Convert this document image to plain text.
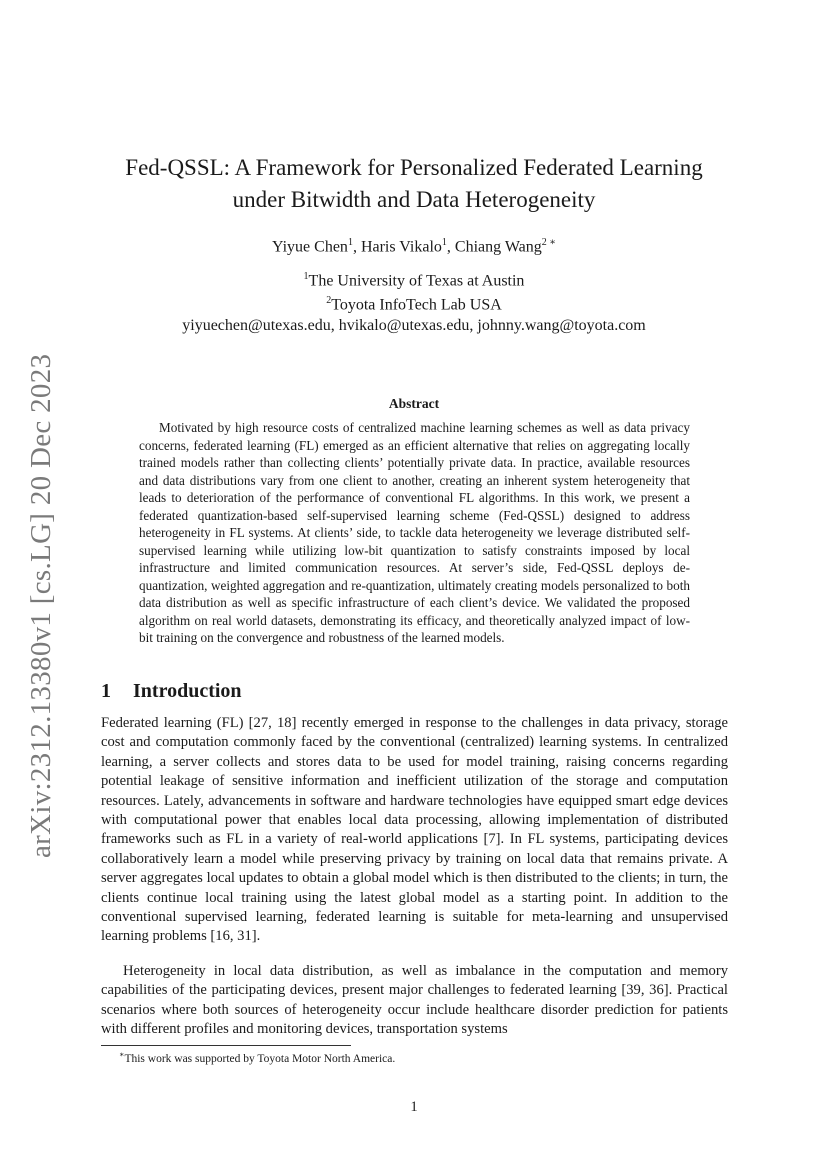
arXiv:2312.13380v1 [cs.LG] 20 Dec 2023
Fed-QSSL: A Framework for Personalized Federated Learning
under Bitwidth and Data Heterogeneity
Yiyue Chen$^1$, Haris Vikalo$^1$, Chiang Wang$^2$ ∗
$^1$The University of Texas at Austin
$^2$Toyota InfoTech Lab USA
yiyuechen@utexas.edu, hvikalo@utexas.edu, johnny.wang@toyota.com
Abstract

Motivated by high resource costs of centralized machine learning schemes as well as data privacy concerns, federated learning (FL) emerged as an efficient alternative that relies on aggregating locally trained models rather than collecting clients’ potentially private data. In practice, available resources and data distributions vary from one client to another, creating an inherent system heterogeneity that leads to deterioration of the performance of conventional FL algorithms. In this work, we present a federated quantization-based self-supervised learning scheme (Fed-QSSL) designed to address heterogeneity in FL systems. At clients’ side, to tackle data heterogeneity we leverage distributed self-supervised learning while utilizing low-bit quantization to satisfy constraints imposed by local infrastructure and limited communication resources. At server’s side, Fed-QSSL deploys de-quantization, weighted aggregation and re-quantization, ultimately creating models personalized to both data distribution as well as specific infrastructure of each client’s device. We validated the proposed algorithm on real world datasets, demonstrating its efficacy, and theoretically analyzed impact of low-bit training on the convergence and robustness of the learned models.

1 Introduction

Federated learning (FL) [27, 18] recently emerged in response to the challenges in data privacy, storage cost and computation commonly faced by the conventional (centralized) learning systems. In centralized learning, a server collects and stores data to be used for model training, raising concerns regarding potential leakage of sensitive information and inefficient utilization of the storage and computation resources. Lately, advancements in software and hardware technologies have equipped smart edge devices with computational power that enables local data processing, allowing implementation of distributed frameworks such as FL in a variety of real-world applications [7]. In FL systems, participating devices collaboratively learn a model while preserving privacy by training on local data that remains private. A server aggregates local updates to obtain a global model which is then distributed to the clients; in turn, the clients continue local training using the latest global model as a starting point. In addition to the conventional supervised learning, federated learning is suitable for meta-learning and unsupervised learning problems [16, 31].

Heterogeneity in local data distribution, as well as imbalance in the computation and memory capabilities of the participating devices, present major challenges to federated learning [39, 36]. Practical scenarios where both sources of heterogeneity occur include healthcare disorder prediction for patients with different profiles and monitoring devices, transportation systems

∗This work was supported by Toyota Motor North America.
1
